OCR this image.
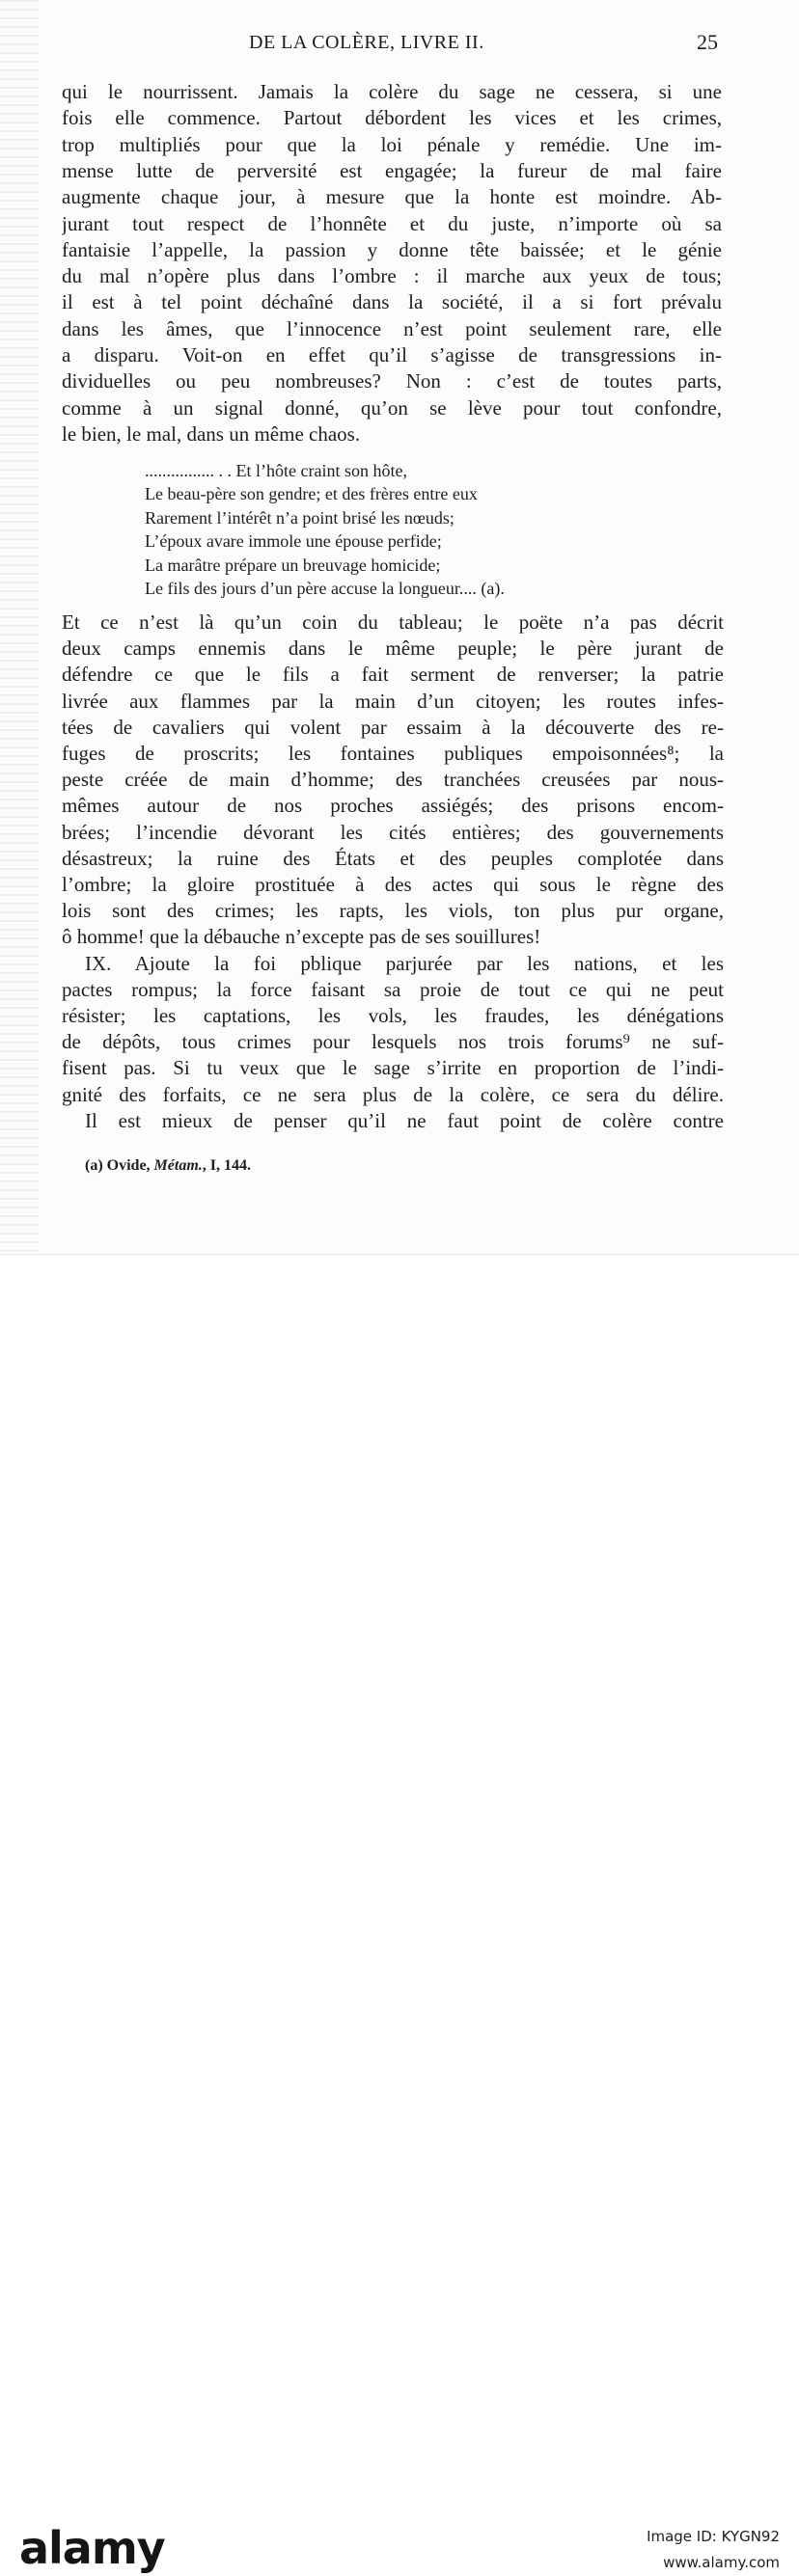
DE LA COLÈRE, LIVRE II.	25
qui le nourrissent. Jamais la colère du sage ne cessera, si une
fois elle commence. Partout débordent les vices et les crimes,
trop multipliés pour que la loi pénale y remédie. Une im-
mense lutte de perversité est engagée; la fureur de mal faire
augmente chaque jour, à mesure que la honte est moindre. Ab-
jurant tout respect de l’honnête et du juste, n’importe où sa
fantaisie l’appelle, la passion y donne tête baissée; et le génie
du mal n’opère plus dans l’ombre : il marche aux yeux de tous;
il est à tel point déchaîné dans la société, il a si fort prévalu
dans les âmes, que l’innocence n’est point seulement rare, elle
a disparu. Voit-on en effet qu’il s’agisse de transgressions in-
dividuelles ou peu nombreuses? Non : c’est de toutes parts,
comme à un signal donné, qu’on se lève pour tout confondre,
le bien, le mal, dans un même chaos.
................ . . Et l’hôte craint son hôte,
Le beau-père son gendre; et des frères entre eux
Rarement l’intérêt n’a point brisé les nœuds;
L’époux avare immole une épouse perfide;
La marâtre prépare un breuvage homicide;
Le fils des jours d’un père accuse la longueur.... (a).
Et ce n’est là qu’un coin du tableau; le poëte n’a pas décrit
deux camps ennemis dans le même peuple; le père jurant de
défendre ce que le fils a fait serment de renverser; la patrie
livrée aux flammes par la main d’un citoyen; les routes infes-
tées de cavaliers qui volent par essaim à la découverte des re-
fuges de proscrits; les fontaines publiques empoisonnées⁸; la
peste créée de main d’homme; des tranchées creusées par nous-
mêmes autour de nos proches assiégés; des prisons encom-
brées; l’incendie dévorant les cités entières; des gouvernements
désastreux; la ruine des États et des peuples complotée dans
l’ombre; la gloire prostituée à des actes qui sous le règne des
lois sont des crimes; les rapts, les viols, ton plus pur organe,
ô homme! que la débauche n’excepte pas de ses souillures!
IX. Ajoute la foi pblique parjurée par les nations, et les
pactes rompus; la force faisant sa proie de tout ce qui ne peut
résister; les captations, les vols, les fraudes, les dénégations
de dépôts, tous crimes pour lesquels nos trois forums⁹ ne suf-
fisent pas. Si tu veux que le sage s’irrite en proportion de l’indi-
gnité des forfaits, ce ne sera plus de la colère, ce sera du délire.
Il est mieux de penser qu’il ne faut point de colère contre
(a) Ovide, Métam., I, 144.
alamy	Image ID: KYGN92
www.alamy.com
